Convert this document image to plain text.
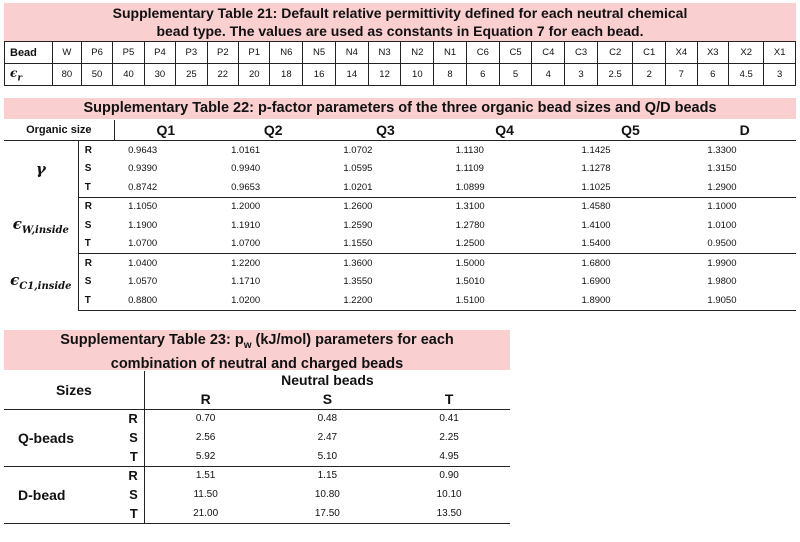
Supplementary Table 21: Default relative permittivity defined for each neutral chemical
bead type. The values are used as constants in Equation 7 for each bead.
Bead	W	P6	P5	P4	P3	P2	P1	N6	N5	N4	N3	N2	N1	C6	C5	C4	C3	C2	C1	X4	X3	X2	X1
$\epsilon_r$	80	50	40	30	25	22	20	18	16	14	12	10	8	6	5	4	3	2.5	2	7	6	4.5	3
Supplementary Table 22: p-factor parameters of the three organic bead sizes and Q/D beads
Organic size		Q1	Q2	Q3	Q4	Q5	D
γ	R	0.9643	1.0161	1.0702	1.1130	1.1425	1.3300
	S	0.9390	0.9940	1.0595	1.1109	1.1278	1.3150
	T	0.8742	0.9653	1.0201	1.0899	1.1025	1.2900
$\epsilon_{W,inside}$	R	1.1050	1.2000	1.2600	1.3100	1.4580	1.1000
	S	1.1900	1.1910	1.2590	1.2780	1.4100	1.0100
	T	1.0700	1.0700	1.1550	1.2500	1.5400	0.9500
$\epsilon_{C1,inside}$	R	1.0400	1.2200	1.3600	1.5000	1.6800	1.9900
	S	1.0570	1.1710	1.3550	1.5010	1.6900	1.9800
	T	0.8800	1.0200	1.2200	1.5100	1.8900	1.9050
Supplementary Table 23: $p_w$ (kJ/mol) parameters for each
combination of neutral and charged beads
Sizes	Neutral beads		
	R	S	T

R	0.70	0.48	0.41
Q-beads S	2.56	2.47	2.25

T	5.92	5.10	4.95

R	1.51	1.15	0.90
D-bead S	11.50	10.80	10.10

T	21.00	17.50	13.50
